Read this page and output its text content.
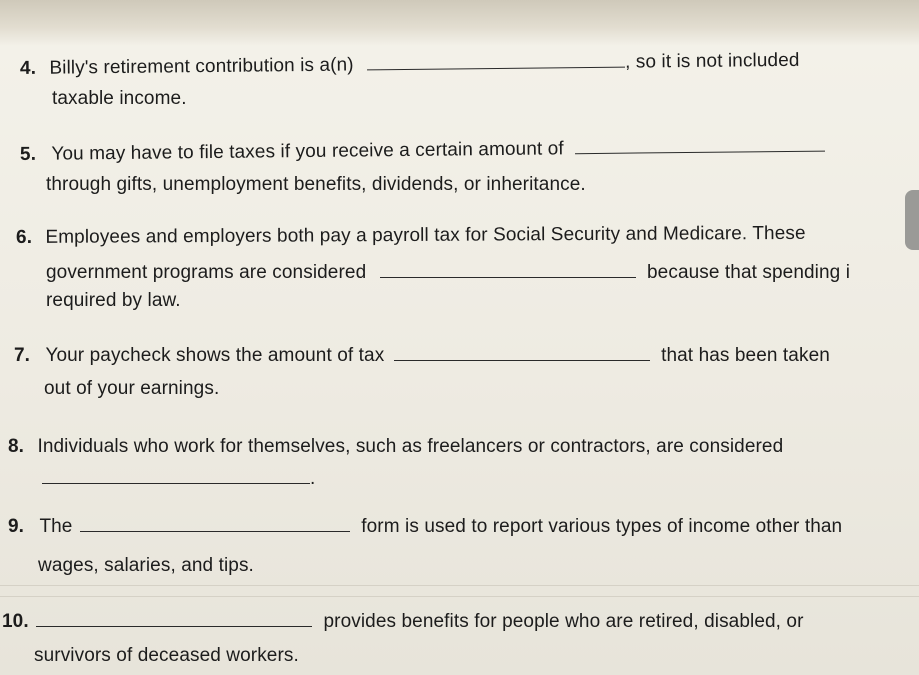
4. Billy's retirement contribution is a(n)	, so it is not included
taxable income.
5. You may have to file taxes if you receive a certain amount of
through gifts, unemployment benefits, dividends, or inheritance.
6. Employees and employers both pay a payroll tax for Social Security and Medicare. These
government programs are considered	because that spending i
required by law.
7. Your paycheck shows the amount of tax	that has been taken
out of your earnings.
8. Individuals who work for themselves, such as freelancers or contractors, are considered
.
9. The	form is used to report various types of income other than
wages, salaries, and tips.
10.	provides benefits for people who are retired, disabled, or
survivors of deceased workers.
